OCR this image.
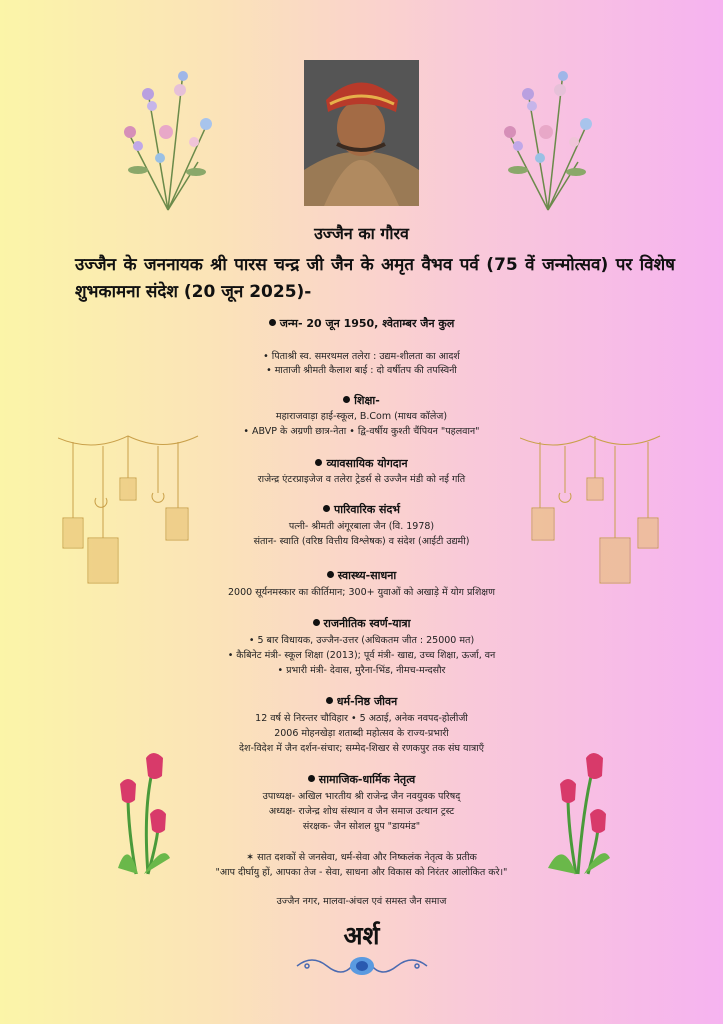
उज्जैन का गौरव
उज्जैन के जननायक श्री पारस चन्द्र जी जैन के अमृत वैभव पर्व (75 वें जन्मोत्सव) पर विशेष शुभकामना संदेश (20 जून 2025)-
जन्म- 20 जून 1950, श्वेताम्बर जैन कुल
• पिताश्री स्व. समरथमल तलेरा : उद्यम-शीलता का आदर्श
• माताजी श्रीमती कैलाश बाई : दो वर्षीतप की तपस्विनी
शिक्षा-
महाराजवाड़ा हाई-स्कूल, B.Com (माधव कॉलेज)
• ABVP के अग्रणी छात्र-नेता • द्वि-वर्षीय कुश्ती चैंपियन "पहलवान"
व्यावसायिक योगदान
राजेन्द्र एंटरप्राइजेज व तलेरा ट्रेडर्स से उज्जैन मंडी को नई गति
पारिवारिक संदर्भ
पत्नी- श्रीमती अंगूरबाला जैन (वि. 1978)
संतान- स्वाति (वरिष्ठ वित्तीय विश्लेषक) व संदेश (आईटी उद्यमी)
स्वास्थ्य-साधना
2000 सूर्यनमस्कार का कीर्तिमान; 300+ युवाओं को अखाड़े में योग प्रशिक्षण
राजनीतिक स्वर्ण-यात्रा
• 5 बार विधायक, उज्जैन-उत्तर (अधिकतम जीत : 25000 मत)
• कैबिनेट मंत्री- स्कूल शिक्षा (2013); पूर्व मंत्री- खाद्य, उच्च शिक्षा, ऊर्जा, वन
• प्रभारी मंत्री- देवास, मुरैना-भिंड, नीमच-मन्दसौर
धर्म-निष्ठ जीवन
12 वर्ष से निरन्तर चौविहार • 5 अठाई, अनेक नवपद-होलीजी
2006 मोहनखेड़ा शताब्दी महोत्सव के राज्य-प्रभारी
देश-विदेश में जैन दर्शन-संचार; सम्मेद-शिखर से रणकपुर तक संघ यात्राएँ
सामाजिक-धार्मिक नेतृत्व
उपाध्यक्ष- अखिल भारतीय श्री राजेन्द्र जैन नवयुवक परिषद्
अध्यक्ष- राजेन्द्र शोध संस्थान व जैन समाज उत्थान ट्रस्ट
संरक्षक- जैन सोशल ग्रुप "डायमंड"
✶ सात दशकों से जनसेवा, धर्म-सेवा और निष्कलंक नेतृत्व के प्रतीक
"आप दीर्घायु हों, आपका तेज - सेवा, साधना और विकास को निरंतर आलोकित करे।"
उज्जैन नगर, मालवा-अंचल एवं समस्त जैन समाज
अर्श
